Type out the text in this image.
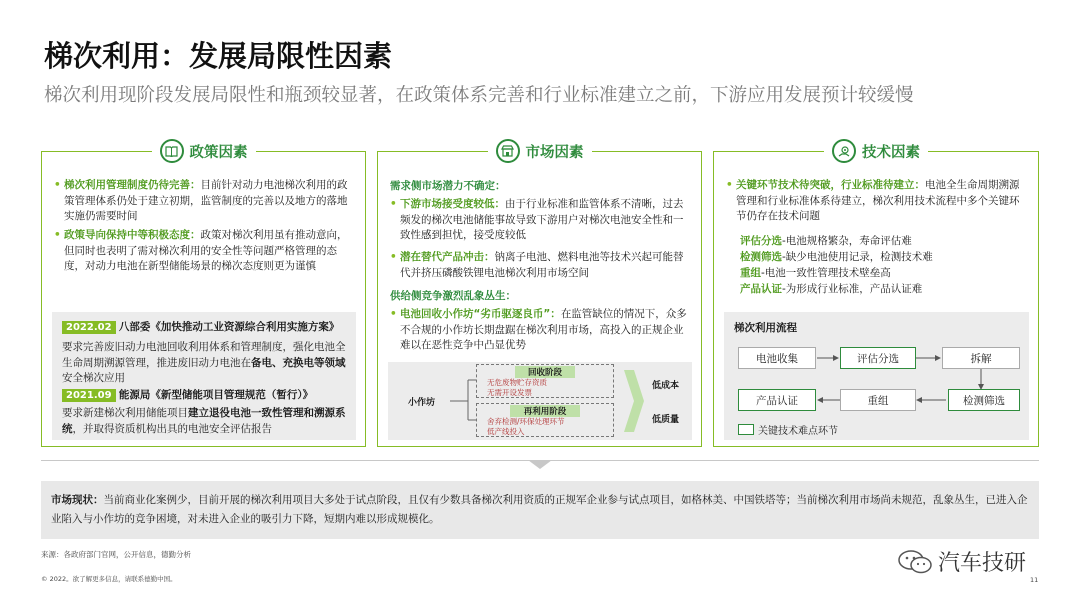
梯次利用：发展局限性因素
梯次利用现阶段发展局限性和瓶颈较显著，在政策体系完善和行业标准建立之前，下游应用发展预计较缓慢
政策因素
• 梯次利用管理制度仍待完善：目前针对动力电池梯次利用的政策管理体系仍处于建立初期，监管制度的完善以及地方的落地实施仍需要时间
• 政策导向保持中等积极态度：政策对梯次利用虽有推动意向，但同时也表明了需对梯次利用的安全性等问题严格管理的态度，对动力电池在新型储能场景的梯次态度则更为谨慎
2022.02 八部委《加快推动工业资源综合利用实施方案》
要求完善废旧动力电池回收利用体系和管理制度，强化电池全生命周期溯源管理，推进废旧动力电池在备电、充换电等领域安全梯次应用
2021.09 能源局《新型储能项目管理规范（暂行）》
要求新建梯次利用储能项目建立退役电池一致性管理和溯源系统，并取得资质机构出具的电池安全评估报告
市场因素
需求侧市场潜力不确定：
• 下游市场接受度较低：由于行业标准和监管体系不清晰，过去频发的梯次电池储能事故导致下游用户对梯次电池安全性和一致性感到担忧，接受度较低
• 潜在替代产品冲击：钠离子电池、燃料电池等技术兴起可能替代并挤压磷酸铁锂电池梯次利用市场空间
供给侧竞争激烈乱象丛生：
• 电池回收小作坊“劣币驱逐良币”：在监管缺位的情况下，众多不合规的小作坊长期盘踞在梯次利用市场，高投入的正规企业难以在恶性竞争中凸显优势
小作坊
回收阶段
无危废物贮存资质
无需开设发票
再利用阶段
舍弃检测/环保处理环节
低产线投入
低成本
低质量
技术因素
• 关键环节技术待突破，行业标准待建立：电池全生命周期溯源管理和行业标准体系待建立，梯次利用技术流程中多个关键环节仍存在技术问题
评估分选-电池规格繁杂，寿命评估难
检测筛选-缺少电池使用记录，检测技术难
重组-电池一致性管理技术壁垒高
产品认证-为形成行业标准，产品认证难
梯次利用流程
电池收集	评估分选	拆解
产品认证	重组	检测筛选
关键技术难点环节
市场现状：当前商业化案例少，目前开展的梯次利用项目大多处于试点阶段，且仅有少数具备梯次利用资质的正规军企业参与试点项目，如格林美、中国铁塔等；当前梯次利用市场尚未规范，乱象丛生，已进入企业陷入与小作坊的竞争困境，对未进入企业的吸引力下降，短期内难以形成规模化。
来源：各政府部门官网，公开信息，德勤分析
© 2022。欲了解更多信息，请联系德勤中国。
汽车技研
11
